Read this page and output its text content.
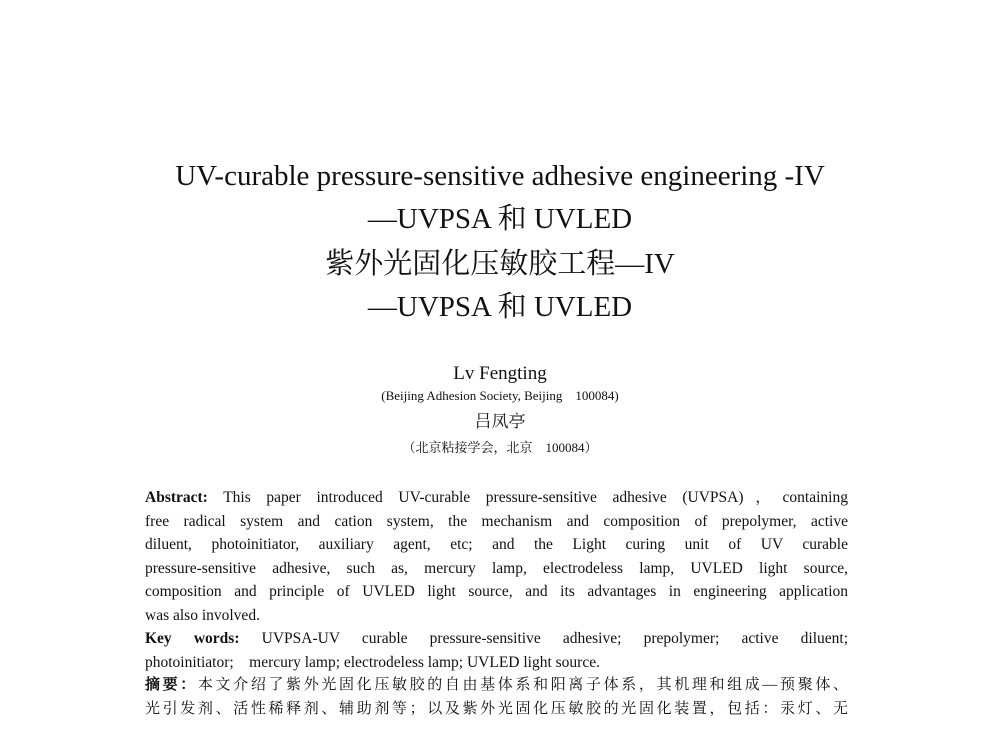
UV-curable pressure-sensitive adhesive engineering -IV
—UVPSA 和 UVLED
紫外光固化压敏胶工程—IV
—UVPSA 和 UVLED
Lv Fengting
(Beijing Adhesion Society, Beijing　100084)
吕凤亭
（北京粘接学会，北京　100084）
Abstract: This paper introduced UV-curable pressure-sensitive adhesive (UVPSA)，containing
free radical system and cation system, the mechanism and composition of prepolymer, active
diluent, photoinitiator, auxiliary agent, etc; and the Light curing unit of UV curable
pressure-sensitive adhesive, such as, mercury lamp, electrodeless lamp, UVLED light source,
composition and principle of UVLED light source, and its advantages in engineering application
was also involved.
Key words: UVPSA-UV curable pressure-sensitive adhesive; prepolymer; active diluent;
photoinitiator;　mercury lamp; electrodeless lamp; UVLED light source.
摘要：本文介绍了紫外光固化压敏胶的自由基体系和阳离子体系，其机理和组成—预聚体、
光引发剂、活性稀释剂、辅助剂等；以及紫外光固化压敏胶的光固化装置，包括：汞灯、无
